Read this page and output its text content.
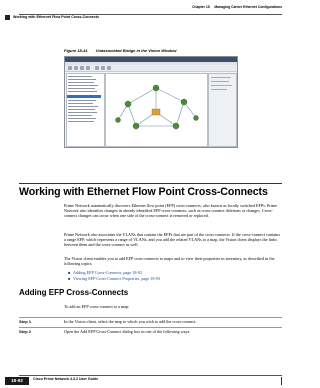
Chapter 18 Managing Carrier Ethernet Configurations
Working with Ethernet Flow Point Cross-Connects
Figure 18-41 Unassociated Bridge in the Vision Window
Working with Ethernet Flow Point Cross-Connects
Prime Network automatically discovers Ethernet flow point (EFP) cross-connects, also known as locally switched EFPs. Prime Network also identifies changes in already identified EFP cross-connects, such as cross-connect deletions or changes. Cross-connect changes can occur when one side of the cross-connect is removed or replaced.
Prime Network also associates the VLANs that contain the EFPs that are part of the cross-connects. If the cross-connect contains a range EFP, which represents a range of VLANs, and you add the related VLANs to a map, the Vision client displays the links between them and the cross-connect as well.
The Vision client enables you to add EFP cross-connects to maps and to view their properties in inventory, as described in the following topics:
■ Adding EFP Cross-Connects, page 18-92
■ Viewing EFP Cross-Connect Properties, page 18-93
Adding EFP Cross-Connects
To add an EFP cross-connect to a map:
Step 1	In the Vision client, select the map to which you wish to add the cross-connect.
Step 2	Open the Add EFP Cross-Connect dialog box in one of the following ways:
18-92	Cisco Prime Network 4.3.2 User Guide
